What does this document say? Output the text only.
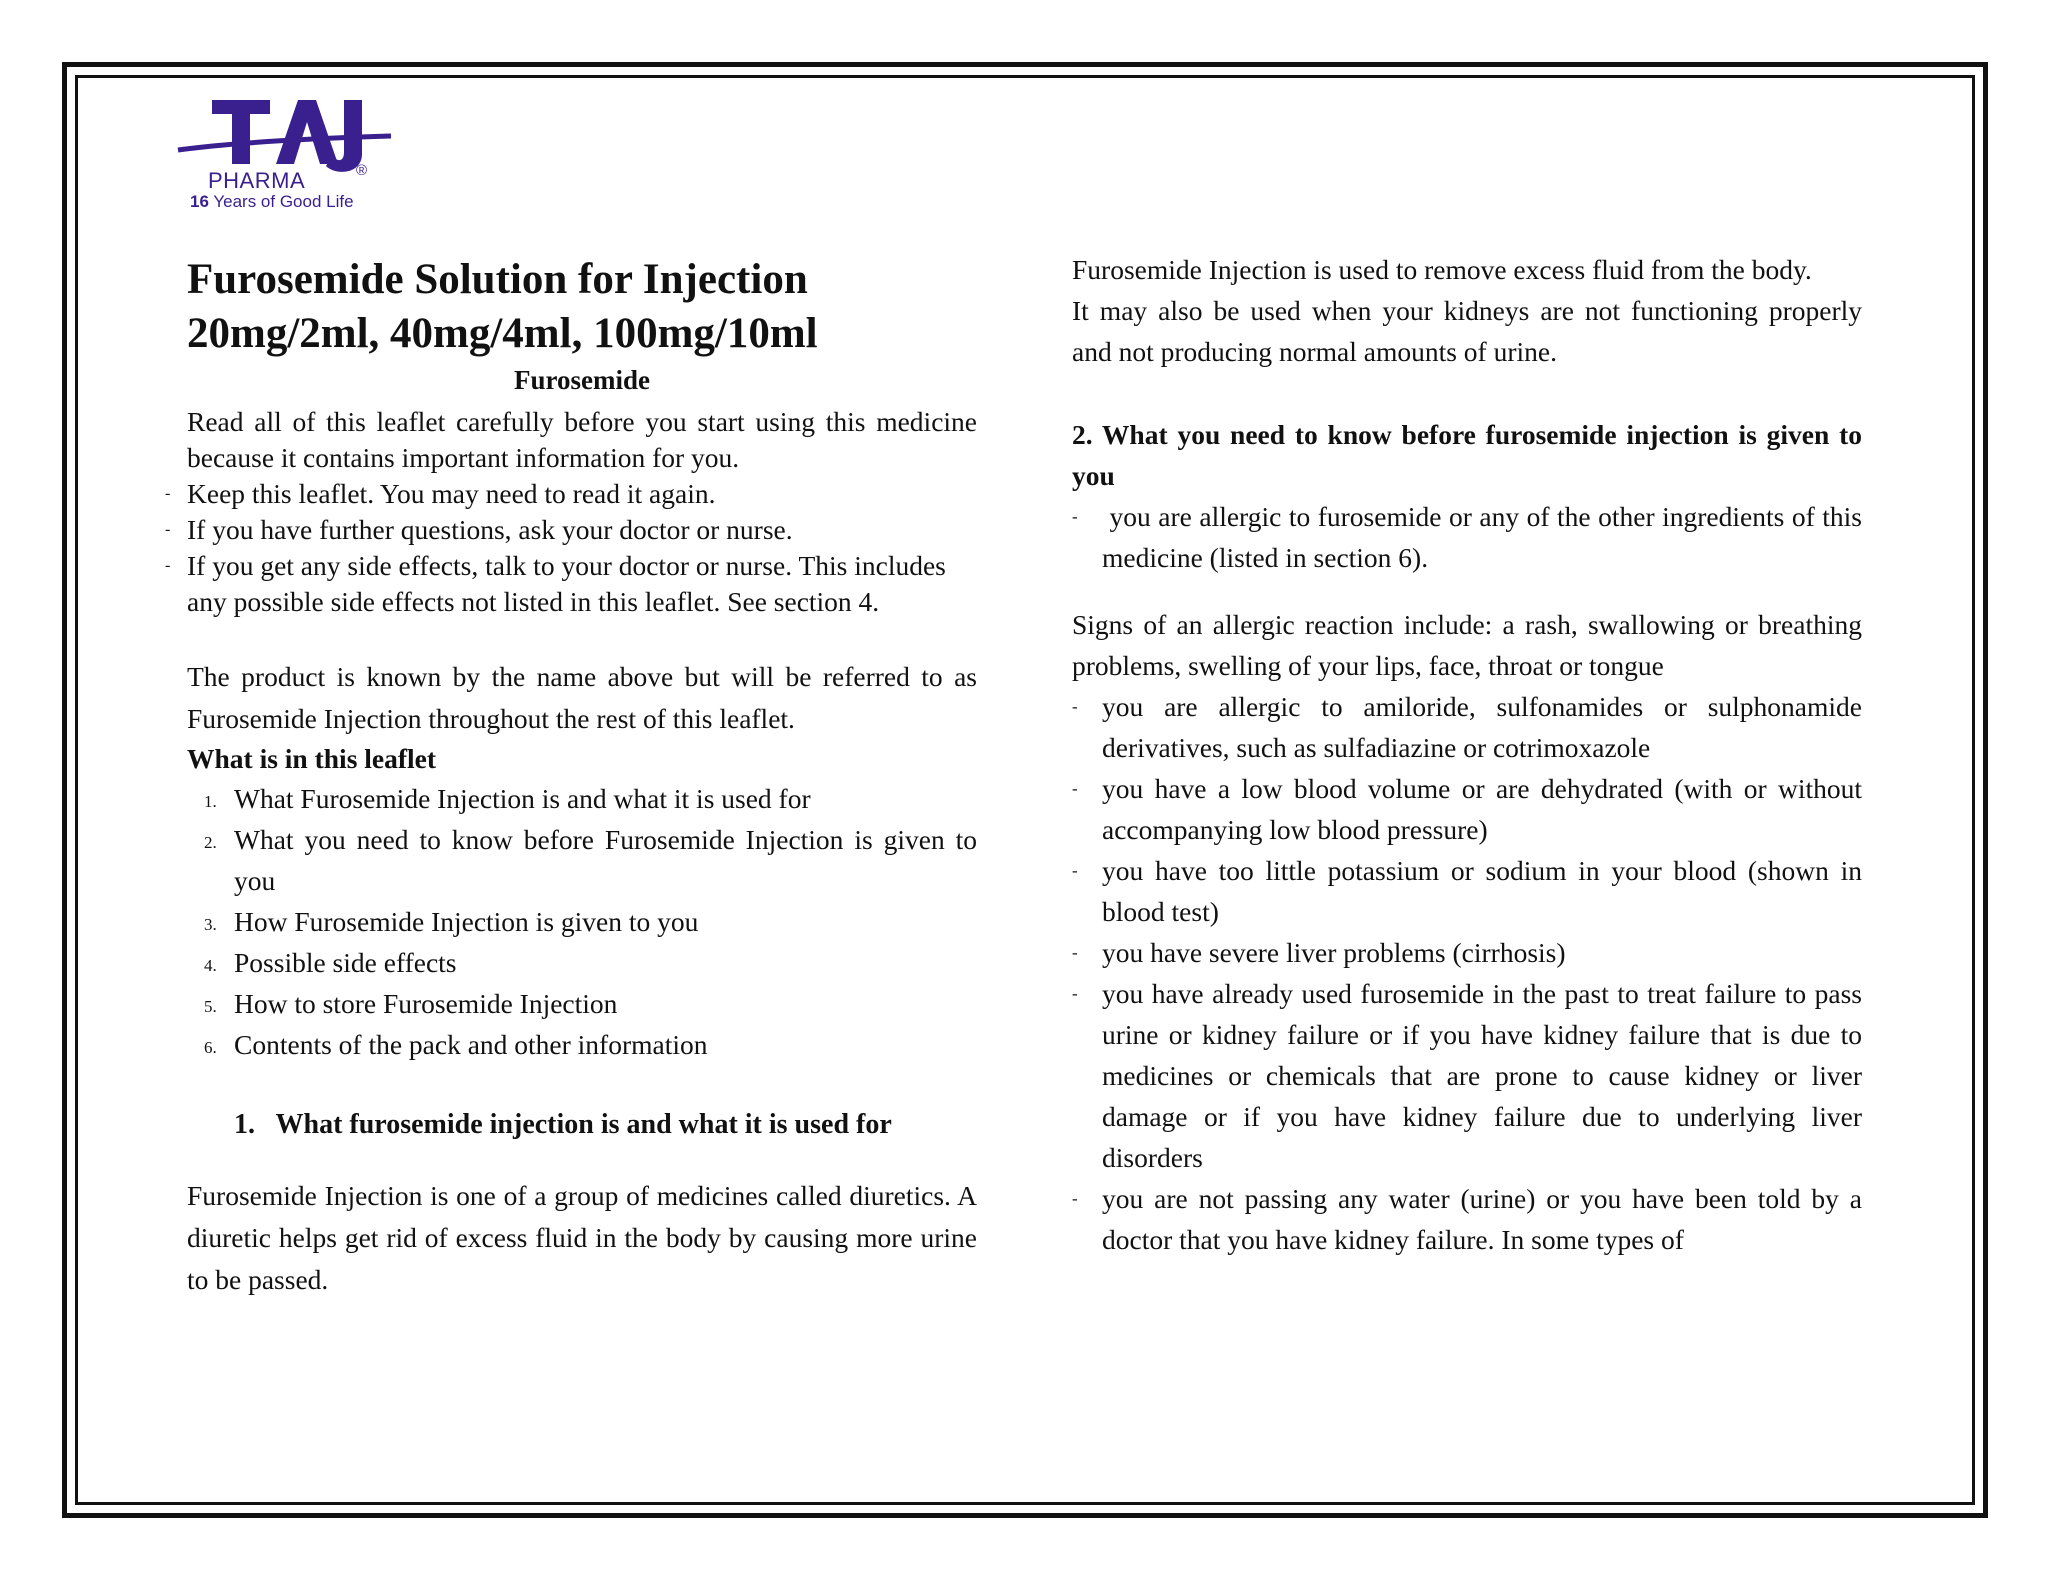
PHARMA	®
16 Years of Good Life
Furosemide Solution for Injection
20mg/2ml, 40mg/4ml, 100mg/10ml
Furosemide

Read all of this leaflet carefully before you start using this medicine because it contains important information for you.

- Keep this leaflet. You may need to read it again.
- If you have further questions, ask your doctor or nurse.
- If you get any side effects, talk to your doctor or nurse. This includes any possible side effects not listed in this leaflet. See section 4.

The product is known by the name above but will be referred to as Furosemide Injection throughout the rest of this leaflet.

What is in this leaflet
1. What Furosemide Injection is and what it is used for
2. What you need to know before Furosemide Injection is given to you
3. How Furosemide Injection is given to you
4. Possible side effects
5. How to store Furosemide Injection
6. Contents of the pack and other information
1.   What furosemide injection is and what it is used for

Furosemide Injection is one of a group of medicines called diuretics. A diuretic helps get rid of excess fluid in the body by causing more urine to be passed.

Furosemide Injection is used to remove excess fluid from the body.

It may also be used when your kidneys are not functioning properly and not producing normal amounts of urine.

2. What you need to know before furosemide injection is given to you

- you are allergic to furosemide or any of the other ingredients of this medicine (listed in section 6).

Signs of an allergic reaction include: a rash, swallowing or breathing problems, swelling of your lips, face, throat or tongue

- you are allergic to amiloride, sulfonamides or sulphonamide derivatives, such as sulfadiazine or cotrimoxazole
- you have a low blood volume or are dehydrated (with or without accompanying low blood pressure)
- you have too little potassium or sodium in your blood (shown in blood test)
- you have severe liver problems (cirrhosis)
- you have already used furosemide in the past to treat failure to pass urine or kidney failure or if you have kidney failure that is due to medicines or chemicals that are prone to cause kidney or liver damage or if you have kidney failure due to underlying liver disorders
- you are not passing any water (urine) or you have been told by a doctor that you have kidney failure. In some types of
